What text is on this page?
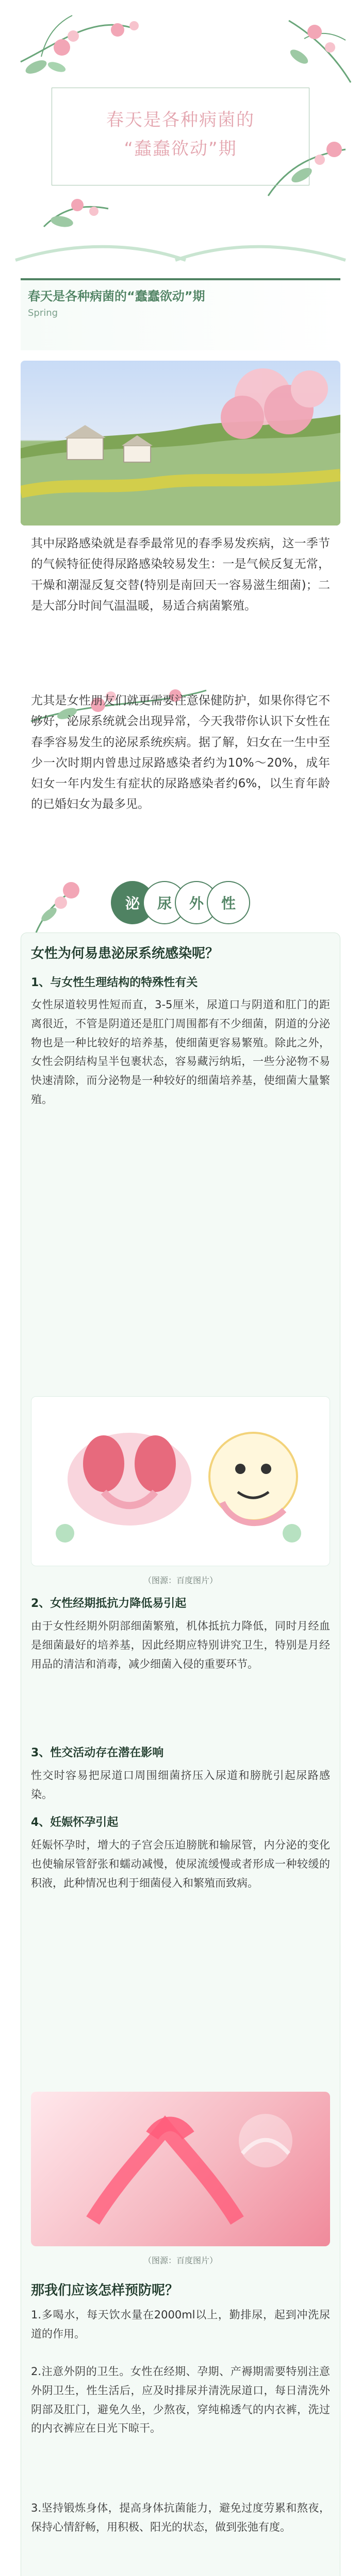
春天是各种病菌的
“蠢蠢欲动”期
春天是各种病菌的“蠢蠢欲动”期
Spring
其中尿路感染就是春季最常见的春季易发疾病，这一季节的气候特征使得尿路感染较易发生：一是气候反复无常，干燥和潮湿反复交替(特别是南回天一容易滋生细菌)；二是大部分时间气温温暖，易适合病菌繁殖。
尤其是女性朋友们就更需要注意保健防护，如果你得它不够好，泌尿系统就会出现异常，今天我带你认识下女性在春季容易发生的泌尿系统疾病。据了解，妇女在一生中至少一次时期内曾患过尿路感染者约为10%～20%，成年妇女一年内发生有症状的尿路感染者约6%，以生育年龄的已婚妇女为最多见。
泌	尿	外	性
女性为何易患泌尿系统感染呢？
1、与女性生理结构的特殊性有关
女性尿道较男性短而直，3-5厘米，尿道口与阴道和肛门的距离很近，不管是阴道还是肛门周围都有不少细菌，阴道的分泌物也是一种比较好的培养基，使细菌更容易繁殖。除此之外，女性会阴结构呈半包裹状态，容易藏污纳垢，一些分泌物不易快速清除，而分泌物是一种较好的细菌培养基，使细菌大量繁殖。
（图源：百度图片）
2、女性经期抵抗力降低易引起
由于女性经期外阴部细菌繁殖，机体抵抗力降低，同时月经血是细菌最好的培养基，因此经期应特别讲究卫生，特别是月经用品的清洁和消毒，减少细菌入侵的重要环节。
3、性交活动存在潜在影响
性交时容易把尿道口周围细菌挤压入尿道和膀胱引起尿路感染。
4、妊娠怀孕引起
妊娠怀孕时，增大的子宫会压迫膀胱和输尿管，内分泌的变化也使输尿管舒张和蠕动减慢，使尿流缓慢或者形成一种较缓的积液，此种情况也利于细菌侵入和繁殖而致病。
（图源：百度图片）
那我们应该怎样预防呢？
1.多喝水，每天饮水量在2000ml以上，勤排尿，起到冲洗尿道的作用。
2.注意外阴的卫生。女性在经期、孕期、产褥期需要特别注意外阴卫生，性生活后，应及时排尿并清洗尿道口，每日清洗外阴部及肛门，避免久坐，少熬夜，穿纯棉透气的内衣裤，洗过的内衣裤应在日光下晾干。
3.坚持锻炼身体，提高身体抗菌能力，避免过度劳累和熬夜，保持心情舒畅，用积极、阳光的状态，做到张弛有度。
